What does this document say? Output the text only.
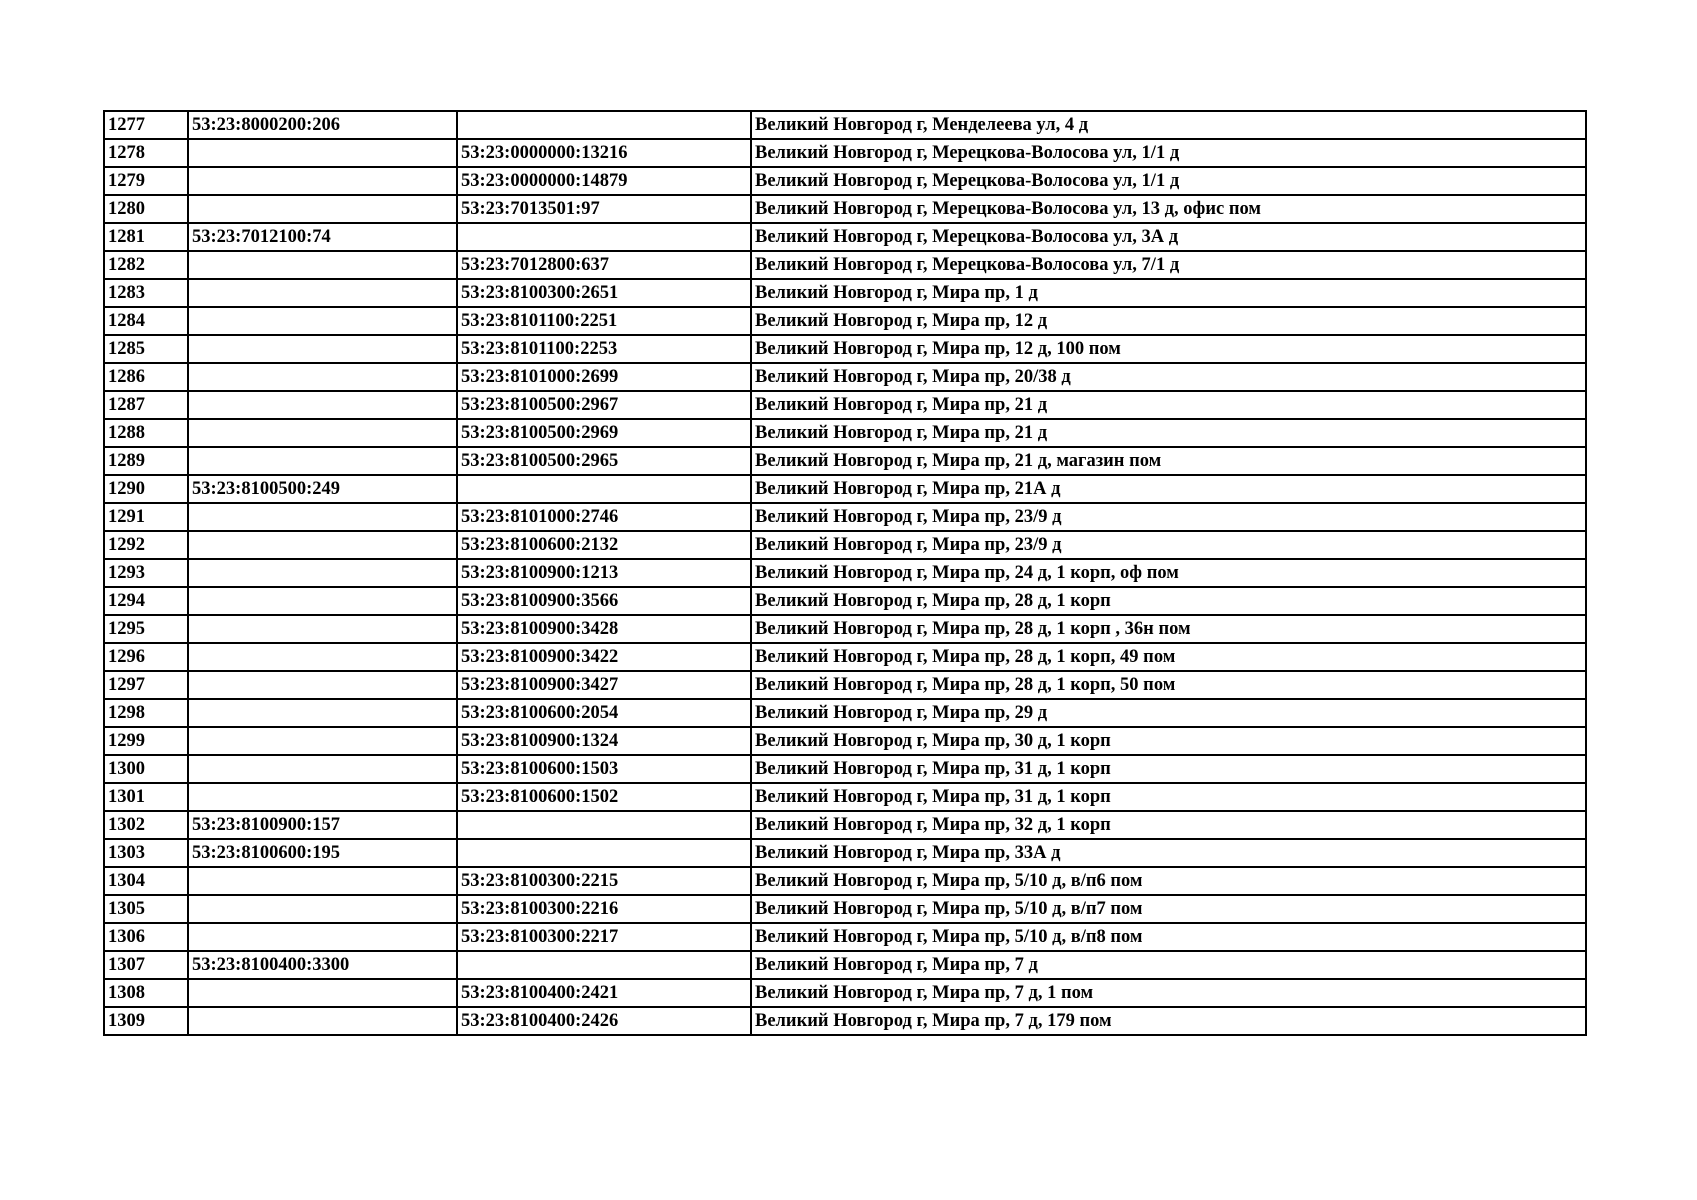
1277	53:23:8000200:206		Великий Новгород г, Менделеева ул, 4 д
1278		53:23:0000000:13216	Великий Новгород г, Мерецкова-Волосова ул, 1/1 д
1279		53:23:0000000:14879	Великий Новгород г, Мерецкова-Волосова ул, 1/1 д
1280		53:23:7013501:97	Великий Новгород г, Мерецкова-Волосова ул, 13 д, офис пом
1281	53:23:7012100:74		Великий Новгород г, Мерецкова-Волосова ул, 3А д
1282		53:23:7012800:637	Великий Новгород г, Мерецкова-Волосова ул, 7/1 д
1283		53:23:8100300:2651	Великий Новгород г, Мира пр, 1 д
1284		53:23:8101100:2251	Великий Новгород г, Мира пр, 12 д
1285		53:23:8101100:2253	Великий Новгород г, Мира пр, 12 д, 100 пом
1286		53:23:8101000:2699	Великий Новгород г, Мира пр, 20/38 д
1287		53:23:8100500:2967	Великий Новгород г, Мира пр, 21 д
1288		53:23:8100500:2969	Великий Новгород г, Мира пр, 21 д
1289		53:23:8100500:2965	Великий Новгород г, Мира пр, 21 д, магазин пом
1290	53:23:8100500:249		Великий Новгород г, Мира пр, 21А д
1291		53:23:8101000:2746	Великий Новгород г, Мира пр, 23/9 д
1292		53:23:8100600:2132	Великий Новгород г, Мира пр, 23/9 д
1293		53:23:8100900:1213	Великий Новгород г, Мира пр, 24 д, 1 корп, оф пом
1294		53:23:8100900:3566	Великий Новгород г, Мира пр, 28 д, 1 корп
1295		53:23:8100900:3428	Великий Новгород г, Мира пр, 28 д, 1 корп , 36н пом
1296		53:23:8100900:3422	Великий Новгород г, Мира пр, 28 д, 1 корп, 49 пом
1297		53:23:8100900:3427	Великий Новгород г, Мира пр, 28 д, 1 корп, 50 пом
1298		53:23:8100600:2054	Великий Новгород г, Мира пр, 29 д
1299		53:23:8100900:1324	Великий Новгород г, Мира пр, 30 д, 1 корп
1300		53:23:8100600:1503	Великий Новгород г, Мира пр, 31 д, 1 корп
1301		53:23:8100600:1502	Великий Новгород г, Мира пр, 31 д, 1 корп
1302	53:23:8100900:157		Великий Новгород г, Мира пр, 32 д, 1 корп
1303	53:23:8100600:195		Великий Новгород г, Мира пр, 33А д
1304		53:23:8100300:2215	Великий Новгород г, Мира пр, 5/10 д, в/п6 пом
1305		53:23:8100300:2216	Великий Новгород г, Мира пр, 5/10 д, в/п7 пом
1306		53:23:8100300:2217	Великий Новгород г, Мира пр, 5/10 д, в/п8 пом
1307	53:23:8100400:3300		Великий Новгород г, Мира пр, 7 д
1308		53:23:8100400:2421	Великий Новгород г, Мира пр, 7 д, 1 пом
1309		53:23:8100400:2426	Великий Новгород г, Мира пр, 7 д, 179 пом
